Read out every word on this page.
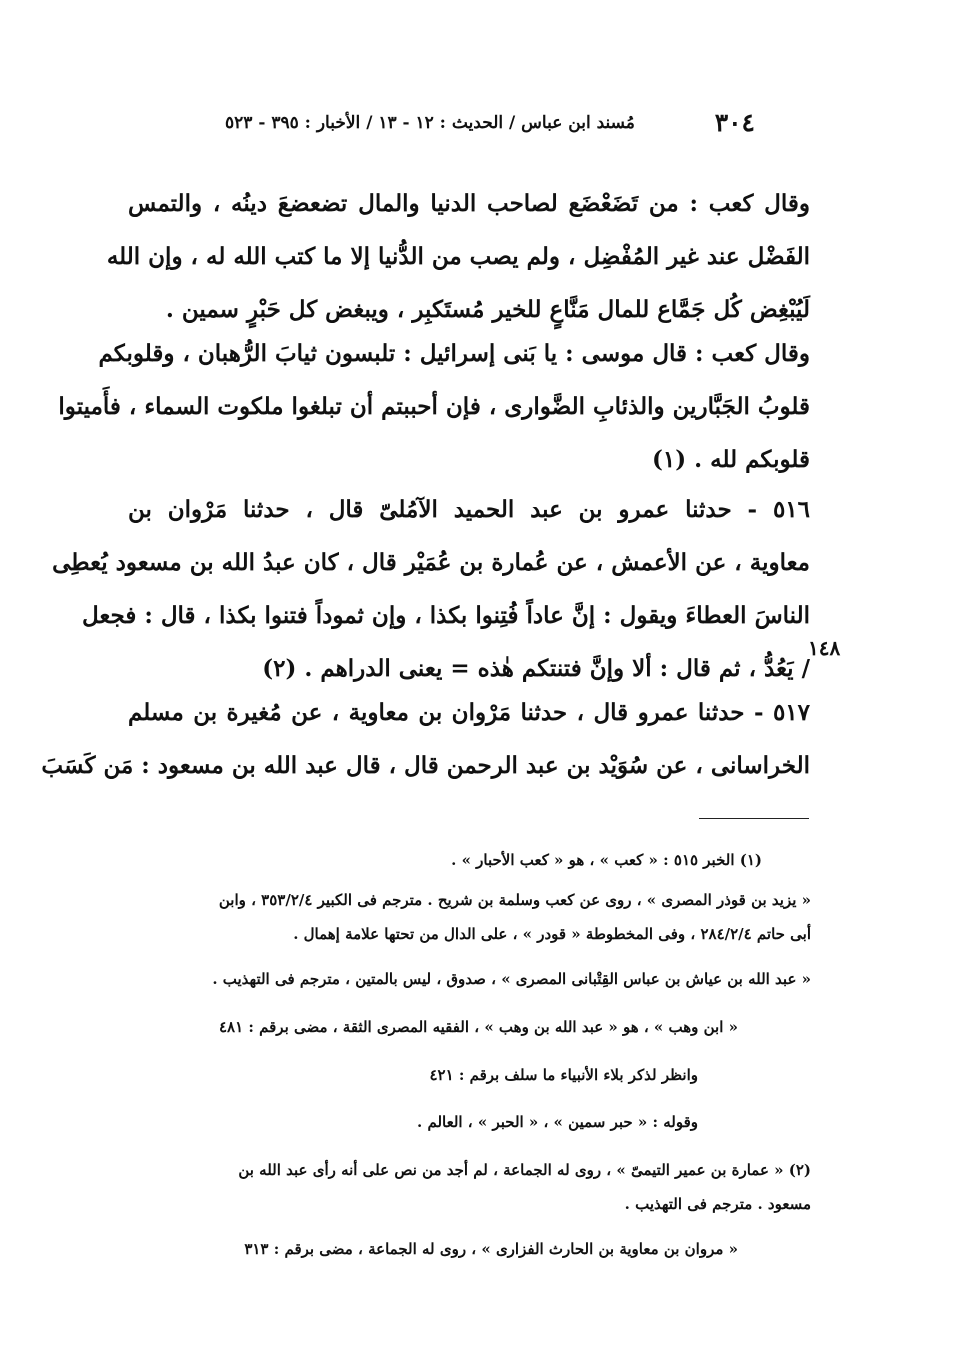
٣٠٤
مُسند ابن عباس / الحديث : ١٢ - ١٣ / الأخبار : ٣٩٥ - ٥٢٣
وقال كعب : من تَضَعْضَع لصاحب الدنيا والمال تضعضعَ دينُه ، والتمس
الفَضْل عند غير المُفْضِل ، ولم يصب من الدُّنيا إلا ما كتب الله له ، وإن الله
لَيُبْغِض كُل جَمَّاع للمال مَنَّاعٍ للخير مُستَكبِر ، ويبغض كل حَبْرٍ سمين .
وقال كعب : قال موسى : يا بَنى إسرائيل : تلبسون ثيابَ الرُّهبان ، وقلوبكم
قلوبُ الجَبَّارين والذئابِ الضَّوارى ، فإن أحببتم أن تبلغوا ملكوت السماء ، فأَميتوا
قلوبكم لله . (١)
٥١٦ - حدثنا عمرو بن عبد الحميد الآمُلىّ قال ، حدثنا مَرْوان بن
معاوية ، عن الأعمش ، عن عُمارة بن عُمَيْر قال ، كان عبدُ الله بن مسعود يُعطِى
الناسَ العطاءَ ويقول : إنَّ عاداً فُتِنوا بكذا ، وإن ثموداً فتنوا بكذا ، قال : فجعل
/ يَعُدُّ ، ثم قال : ألا وإنَّ فتنتكم هٰذه = يعنى الدراهم . (٢)
١٤٨
٥١٧ - حدثنا عمرو قال ، حدثنا مَرْوان بن معاوية ، عن مُغيرة بن مسلم
الخراسانى ، عن سُوَيْد بن عبد الرحمن قال ، قال عبد الله بن مسعود : مَن كَسَبَ
(١) الخبر ٥١٥ : « كعب » ، هو « كعب الأحبار » .
« يزيد بن قوذر المصرى » ، روى عن كعب وسلمة بن شريح . مترجم فى الكبير ٣٥٣/٢/٤ ، وابن
أبى حاتم ٢٨٤/٢/٤ ، وفى المخطوطة « قودر » ، على الدال من تحتها علامة إهمال .
« عبد الله بن عياش بن عباس القِتْبانى المصرى » ، صدوق ، ليس بالمتين ، مترجم فى التهذيب .
« ابن وهب » ، هو « عبد الله بن وهب » ، الفقيه المصرى الثقة ، مضى برقم : ٤٨١
وانظر لذكر بلاء الأنبياء ما سلف برقم : ٤٢١
وقوله : « حبر سمين » ، « الحبر » ، العالم .
(٢) « عمارة بن عمير التيمىّ » ، روى له الجماعة ، لم أجد من نص على أنه رأى عبد الله بن
مسعود . مترجم فى التهذيب .
« مروان بن معاوية بن الحارث الفزارى » ، روى له الجماعة ، مضى برقم : ٣١٣
